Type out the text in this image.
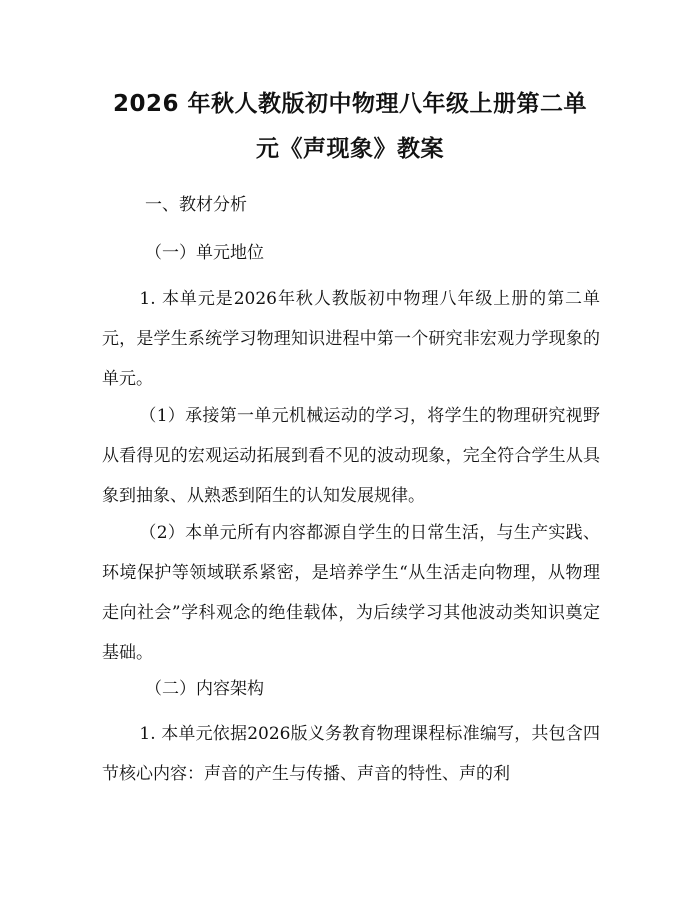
2026 年秋人教版初中物理八年级上册第二单
元《声现象》教案

一、教材分析

（一）单元地位

1. 本单元是2026年秋人教版初中物理八年级上册的第二单元，是学生系统学习物理知识进程中第一个研究非宏观力学现象的单元。

（1）承接第一单元机械运动的学习，将学生的物理研究视野从看得见的宏观运动拓展到看不见的波动现象，完全符合学生从具象到抽象、从熟悉到陌生的认知发展规律。

（2）本单元所有内容都源自学生的日常生活，与生产实践、环境保护等领域联系紧密，是培养学生“从生活走向物理，从物理走向社会”学科观念的绝佳载体，为后续学习其他波动类知识奠定基础。

（二）内容架构

1. 本单元依据2026版义务教育物理课程标准编写，共包含四节核心内容：声音的产生与传播、声音的特性、声的利
